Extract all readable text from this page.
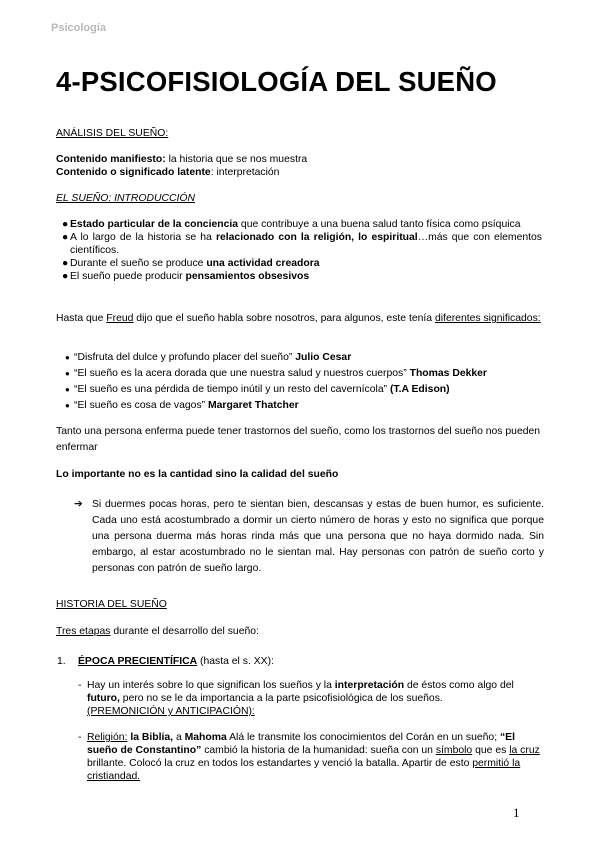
Psicología
4-PSICOFISIOLOGÍA DEL SUEÑO
ANÁLISIS DEL SUEÑO:
Contenido manifiesto: la historia que se nos muestra
Contenido o significado latente: interpretación
EL SUEÑO: INTRODUCCIÓN
● Estado particular de la conciencia que contribuye a una buena salud tanto física como psíquica
● A lo largo de la historia se ha relacionado con la religión, lo espiritual…más que con elementos científicos.
● Durante el sueño se produce una actividad creadora
● El sueño puede producir pensamientos obsesivos
Hasta que Freud dijo que el sueño habla sobre nosotros, para algunos, este tenía diferentes significados:
● “Disfruta del dulce y profundo placer del sueño” Julio Cesar
● “El sueño es la acera dorada que une nuestra salud y nuestros cuerpos” Thomas Dekker
● “El sueño es una pérdida de tiempo inútil y un resto del cavernícola” (T.A Edison)
● “El sueño es cosa de vagos” Margaret Thatcher
Tanto una persona enferma puede tener trastornos del sueño, como los trastornos del sueño nos pueden enfermar
Lo importante no es la cantidad sino la calidad del sueño
➔ Si duermes pocas horas, pero te sientan bien, descansas y estas de buen humor, es suficiente. Cada uno está acostumbrado a dormir un cierto número de horas y esto no significa que porque una persona duerma más horas rinda más que una persona que no haya dormido nada. Sin embargo, al estar acostumbrado no le sientan mal. Hay personas con patrón de sueño corto y personas con patrón de sueño largo.
HISTORIA DEL SUEÑO
Tres etapas durante el desarrollo del sueño:
1. ÉPOCA PRECIENTÍFICA (hasta el s. XX):
- Hay un interés sobre lo que significan los sueños y la interpretación de éstos como algo del futuro, pero no se le da importancia a la parte psicofisiológica de los sueños.
(PREMONICIÓN y ANTICIPACIÓN):
- Religión: la Biblia, a Mahoma Alá le transmite los conocimientos del Corán en un sueño; “El sueño de Constantino” cambió la historia de la humanidad: sueña con un símbolo que es la cruz brillante. Colocó la cruz en todos los estandartes y venció la batalla. Apartir de esto permitió la cristiandad.
1
